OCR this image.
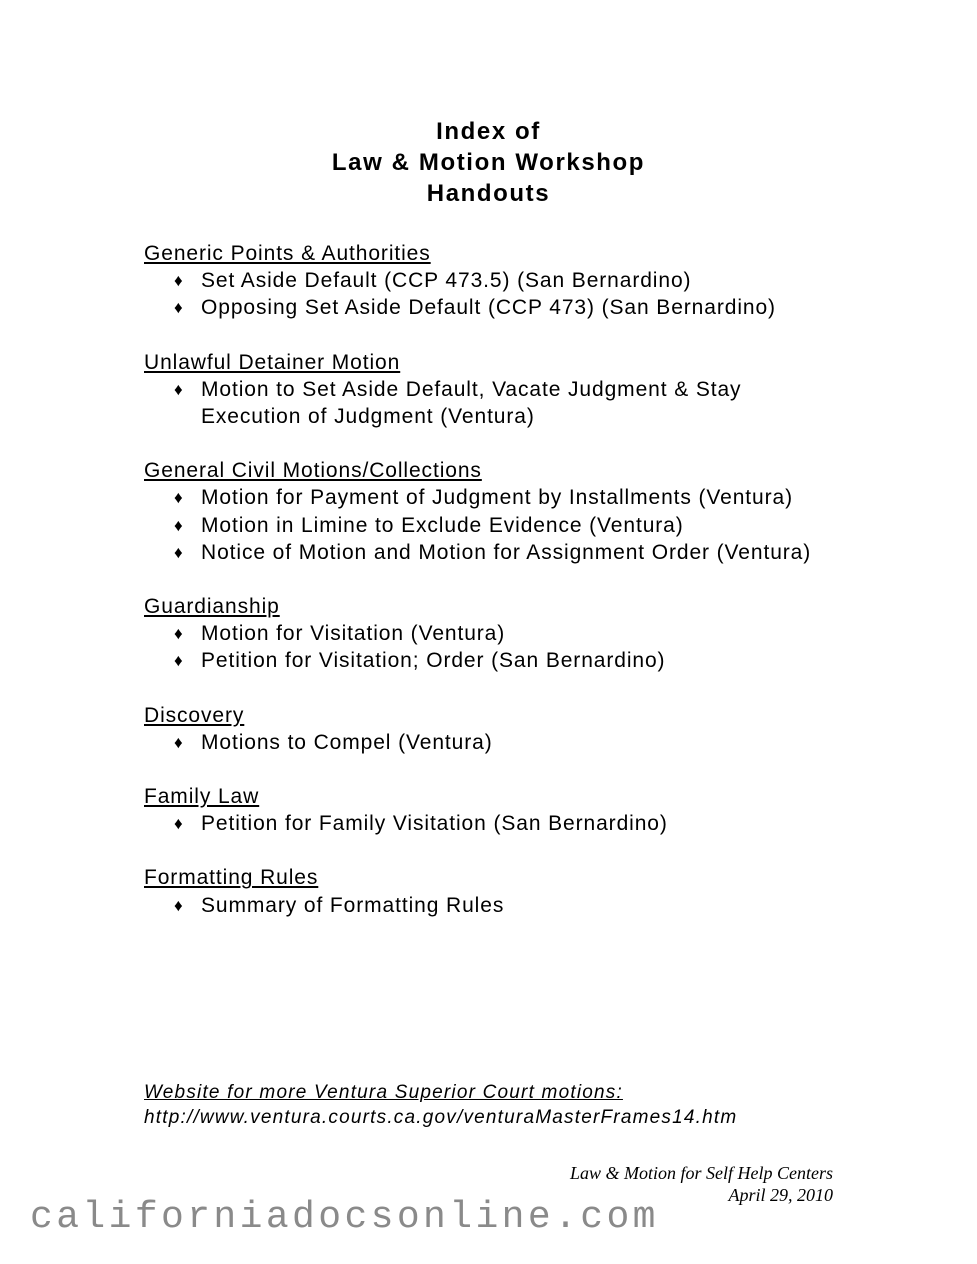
Index of
Law & Motion Workshop
Handouts
Generic Points & Authorities
♦ Set Aside Default (CCP 473.5) (San Bernardino)
♦ Opposing Set Aside Default (CCP 473) (San Bernardino)
Unlawful Detainer Motion
♦ Motion to Set Aside Default, Vacate Judgment & Stay Execution of Judgment (Ventura)
General Civil Motions/Collections
♦ Motion for Payment of Judgment by Installments (Ventura)
♦ Motion in Limine to Exclude Evidence (Ventura)
♦ Notice of Motion and Motion for Assignment Order (Ventura)
Guardianship
♦ Motion for Visitation (Ventura)
♦ Petition for Visitation; Order (San Bernardino)
Discovery
♦ Motions to Compel (Ventura)
Family Law
♦ Petition for Family Visitation (San Bernardino)
Formatting Rules
♦ Summary of Formatting Rules
Website for more Ventura Superior Court motions:
http://www.ventura.courts.ca.gov/venturaMasterFrames14.htm
Law & Motion for Self Help Centers
April 29, 2010
californiadocsonline.com
